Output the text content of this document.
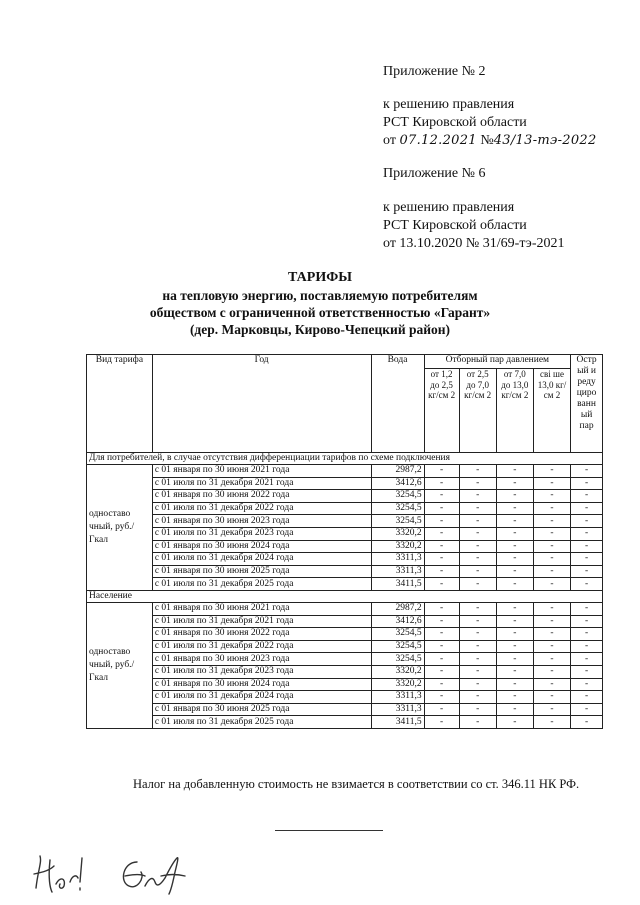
Приложение № 2
к решению правления
РСТ Кировской области
от 07.12.2021 №43/13-тэ-2022
Приложение № 6
к решению правления
РСТ Кировской области
от 13.10.2020 № 31/69-тэ-2021
ТАРИФЫ
на тепловую энергию, поставляемую потребителям
обществом с ограниченной ответственностью «Гарант»
(дер. Марковцы, Кирово-Чепецкий район)
Вид тарифа	Год	Вода	Отборный пар давлением				Остр ый и реду циро ванн ый пар
			от 1,2 до 2,5 кг/см 2	от 2,5 до 7,0 кг/см 2	от 7,0 до 13,0 кг/см 2	сві ше 13,0 кг/см 2	
Для потребителей, в случае отсутствия дифференциации тарифов по схеме подключения							
одноставо чный, руб./Гкал	с 01 января по 30 июня 2021 года	2987,2	-	-	-	-	-
	с 01 июля по 31 декабря 2021 года	3412,6	-	-	-	-	-
	с 01 января по 30 июня 2022 года	3254,5	-	-	-	-	-
	с 01 июля по 31 декабря 2022 года	3254,5	-	-	-	-	-
	с 01 января по 30 июня 2023 года	3254,5	-	-	-	-	-
	с 01 июля по 31 декабря 2023 года	3320,2	-	-	-	-	-
	с 01 января по 30 июня 2024 года	3320,2	-	-	-	-	-
	с 01 июля по 31 декабря 2024 года	3311,3	-	-	-	-	-
	с 01 января по 30 июня 2025 года	3311,3	-	-	-	-	-
	с 01 июля по 31 декабря 2025 года	3411,5	-	-	-	-	-
Население							
одноставо чный, руб./Гкал	с 01 января по 30 июня 2021 года	2987,2	-	-	-	-	-
	с 01 июля по 31 декабря 2021 года	3412,6	-	-	-	-	-
	с 01 января по 30 июня 2022 года	3254,5	-	-	-	-	-
	с 01 июля по 31 декабря 2022 года	3254,5	-	-	-	-	-
	с 01 января по 30 июня 2023 года	3254,5	-	-	-	-	-
	с 01 июля по 31 декабря 2023 года	3320,2	-	-	-	-	-
	с 01 января по 30 июня 2024 года	3320,2	-	-	-	-	-
	с 01 июля по 31 декабря 2024 года	3311,3	-	-	-	-	-
	с 01 января по 30 июня 2025 года	3311,3	-	-	-	-	-
	с 01 июля по 31 декабря 2025 года	3411,5	-	-	-	-	-
Налог на добавленную стоимость не взимается в соответствии со ст. 346.11 НК РФ.
